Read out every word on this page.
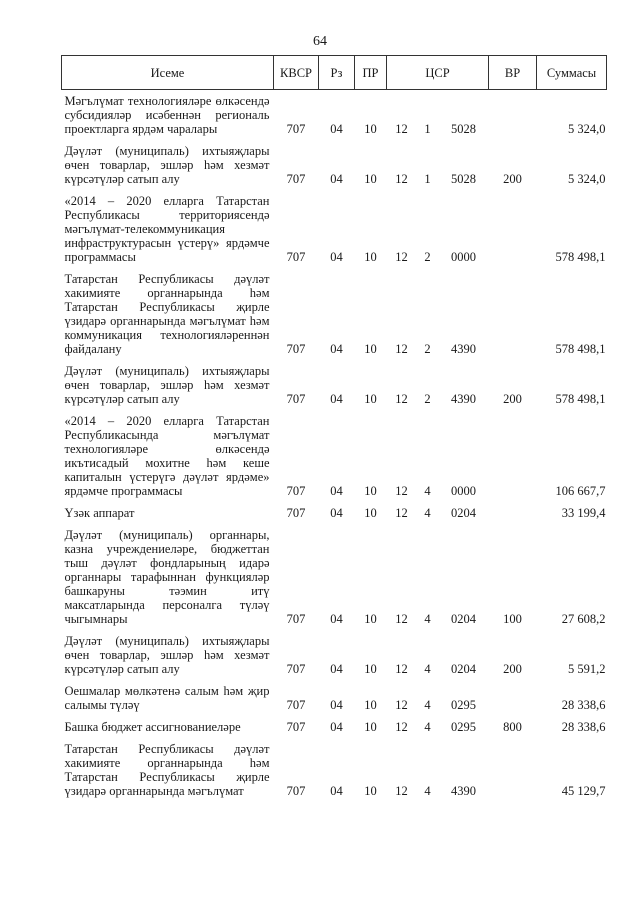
64
Исеме	КВСР	Рз	ПР	ЦСР			ВР	Суммасы
Мәгълүмат технологияләре өлкәсендә субсидияләр исәбеннән региональ проектларга ярдәм чаралары	707	04	10	12	1	5028		5 324,0
Дәүләт (муниципаль) ихтыяҗлары өчен товарлар, эшләр һәм хезмәт күрсәтүләр сатып алу	707	04	10	12	1	5028	200	5 324,0
«2014 – 2020 елларга Татарстан Республикасы территориясендә мәгълүмат-телекоммуникация инфраструктурасын үстерү» ярдәмче программасы	707	04	10	12	2	0000		578 498,1
Татарстан Республикасы дәүләт хакимияте органнарында һәм Татарстан Республикасы җирле үзидарә органнарында мәгълүмат һәм коммуникация технологияләреннән файдалану	707	04	10	12	2	4390		578 498,1
Дәүләт (муниципаль) ихтыяҗлары өчен товарлар, эшләр һәм хезмәт күрсәтүләр сатып алу	707	04	10	12	2	4390	200	578 498,1
«2014 – 2020 елларга Татарстан Республикасында мәгълүмат технологияләре өлкәсендә икътисадый мохитне һәм кеше капиталын үстерүгә дәүләт ярдәме» ярдәмче программасы	707	04	10	12	4	0000		106 667,7
Үзәк аппарат	707	04	10	12	4	0204		33 199,4
Дәүләт (муниципаль) органнары, казна учреждениеләре, бюджеттан тыш дәүләт фондларының идарә органнары тарафыннан функцияләр башкаруны тәэмин итү максатларында персоналга түләү чыгымнары	707	04	10	12	4	0204	100	27 608,2
Дәүләт (муниципаль) ихтыяҗлары өчен товарлар, эшләр һәм хезмәт күрсәтүләр сатып алу	707	04	10	12	4	0204	200	5 591,2
Оешмалар мөлкәтенә салым һәм җир салымы түләү	707	04	10	12	4	0295		28 338,6
Башка бюджет ассигнованиеләре	707	04	10	12	4	0295	800	28 338,6
Татарстан Республикасы дәүләт хакимияте органнарында һәм Татарстан Республикасы җирле үзидарә органнарында мәгълүмат	707	04	10	12	4	4390		45 129,7
